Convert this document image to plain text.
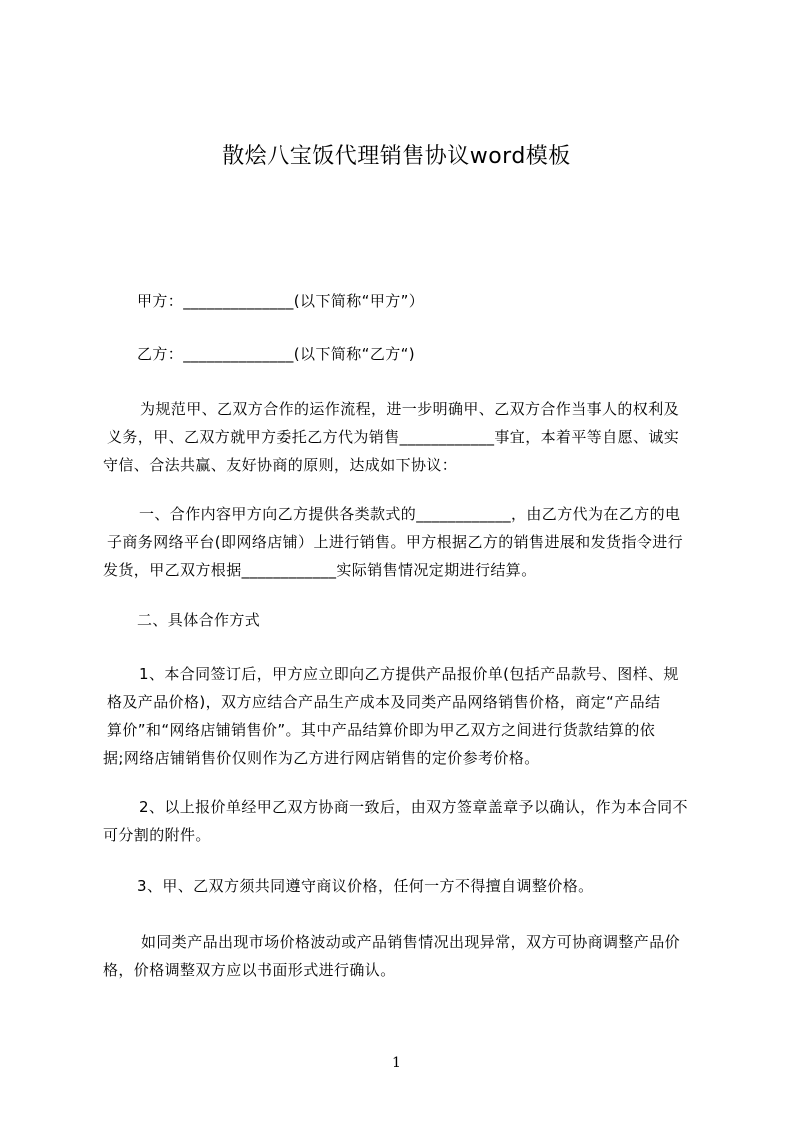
散烩八宝饭代理销售协议word模板
甲方：______________(以下简称“甲方”）
乙方：______________(以下简称“乙方“)
为规范甲、乙双方合作的运作流程，进一步明确甲、乙双方合作当事人的权利及
义务，甲、乙双方就甲方委托乙方代为销售____________事宜，本着平等自愿、诚实
守信、合法共赢、友好协商的原则，达成如下协议：
一、合作内容甲方向乙方提供各类款式的____________，由乙方代为在乙方的电
子商务网络平台(即网络店铺）上进行销售。甲方根据乙方的销售进展和发货指令进行
发货，甲乙双方根据____________实际销售情况定期进行结算。
二、具体合作方式
1、本合同签订后，甲方应立即向乙方提供产品报价单(包括产品款号、图样、规
格及产品价格)，双方应结合产品生产成本及同类产品网络销售价格，商定“产品结
算价”和“网络店铺销售价”。其中产品结算价即为甲乙双方之间进行货款结算的依
据;网络店铺销售价仅则作为乙方进行网店销售的定价参考价格。
2、以上报价单经甲乙双方协商一致后，由双方签章盖章予以确认，作为本合同不
可分割的附件。
3、甲、乙双方须共同遵守商议价格，任何一方不得擅自调整价格。
如同类产品出现市场价格波动或产品销售情况出现异常，双方可协商调整产品价
格，价格调整双方应以书面形式进行确认。
1
